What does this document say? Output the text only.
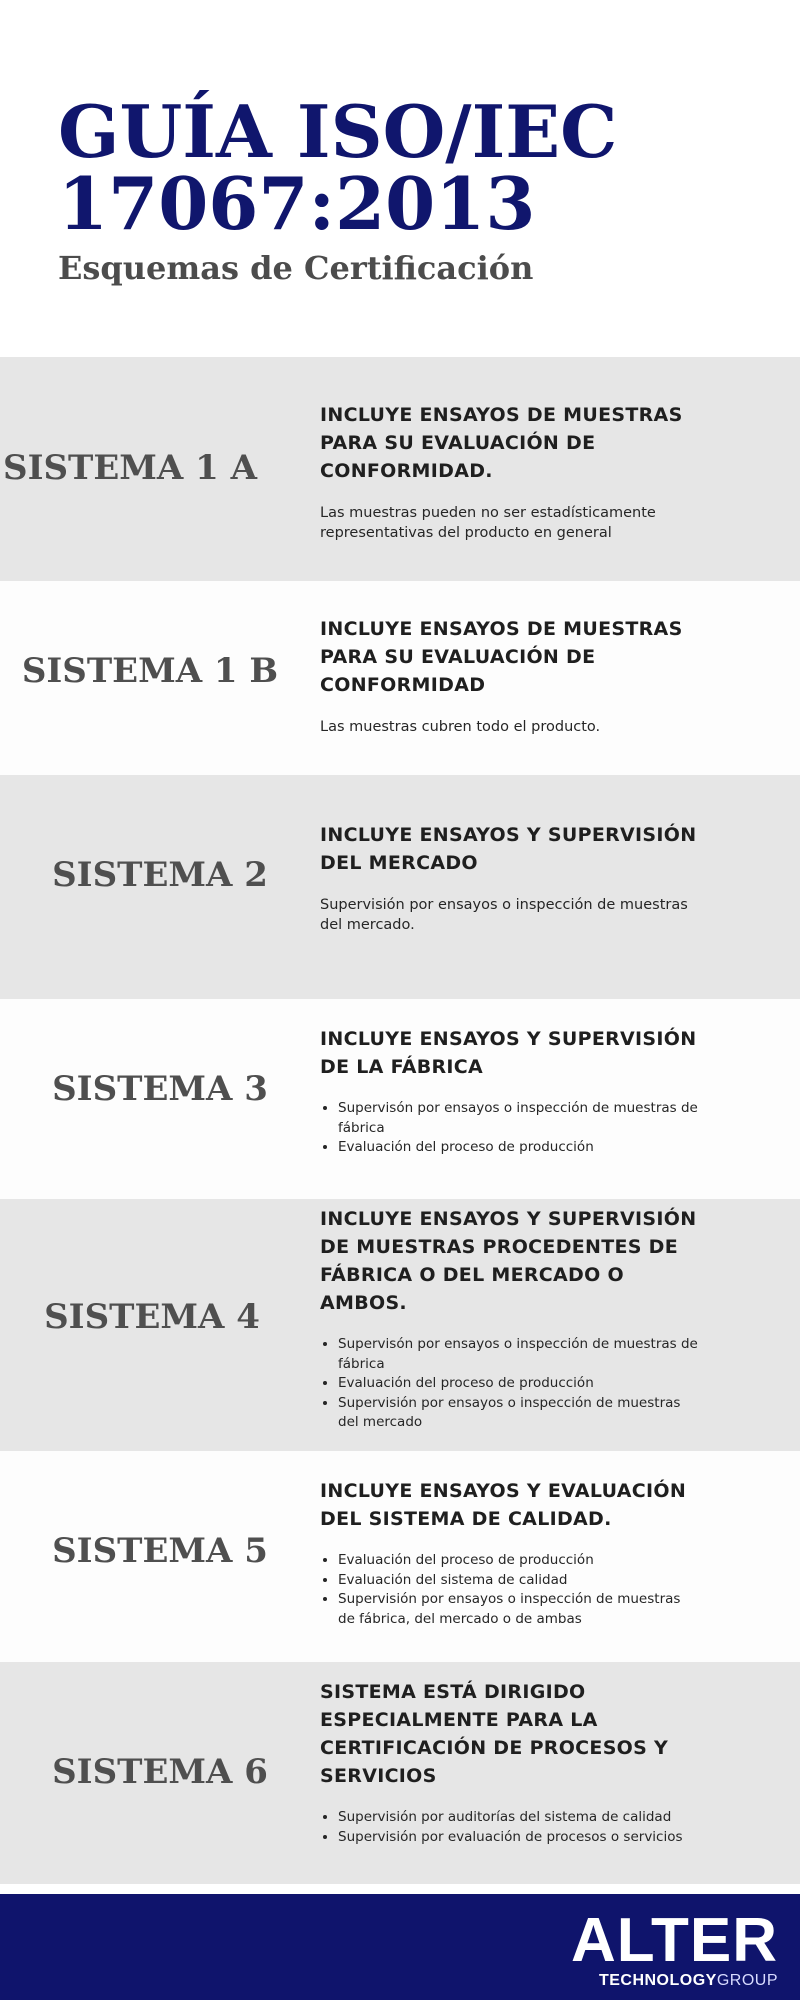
GUÍA ISO/IEC 17067:2013
Esquemas de Certificación
SISTEMA 1 A
INCLUYE ENSAYOS DE MUESTRAS PARA SU EVALUACIÓN DE CONFORMIDAD.

Las muestras pueden no ser estadísticamente representativas del producto en general

SISTEMA 1 B
INCLUYE ENSAYOS DE MUESTRAS PARA SU EVALUACIÓN DE CONFORMIDAD

Las muestras cubren todo el producto.

SISTEMA 2
INCLUYE ENSAYOS Y SUPERVISIÓN DEL MERCADO

Supervisión por ensayos o inspección de muestras del mercado.

SISTEMA 3
INCLUYE ENSAYOS Y SUPERVISIÓN DE LA FÁBRICA
• Supervisón por ensayos o inspección de muestras de fábrica
• Evaluación del proceso de producción
SISTEMA 4
INCLUYE ENSAYOS Y SUPERVISIÓN DE MUESTRAS PROCEDENTES DE FÁBRICA O DEL MERCADO O AMBOS.
• Supervisón por ensayos o inspección de muestras de fábrica
• Evaluación del proceso de producción
• Supervisión por ensayos o inspección de muestras del mercado
SISTEMA 5
INCLUYE ENSAYOS Y EVALUACIÓN DEL SISTEMA DE CALIDAD.
• Evaluación del proceso de producción
• Evaluación del sistema de calidad
• Supervisión por ensayos o inspección de muestras de fábrica, del mercado o de ambas
SISTEMA 6
SISTEMA ESTÁ DIRIGIDO ESPECIALMENTE PARA LA CERTIFICACIÓN DE PROCESOS Y SERVICIOS
• Supervisión por auditorías del sistema de calidad
• Supervisión por evaluación de procesos o servicios
ALTER
TECHNOLOGYGROUP
